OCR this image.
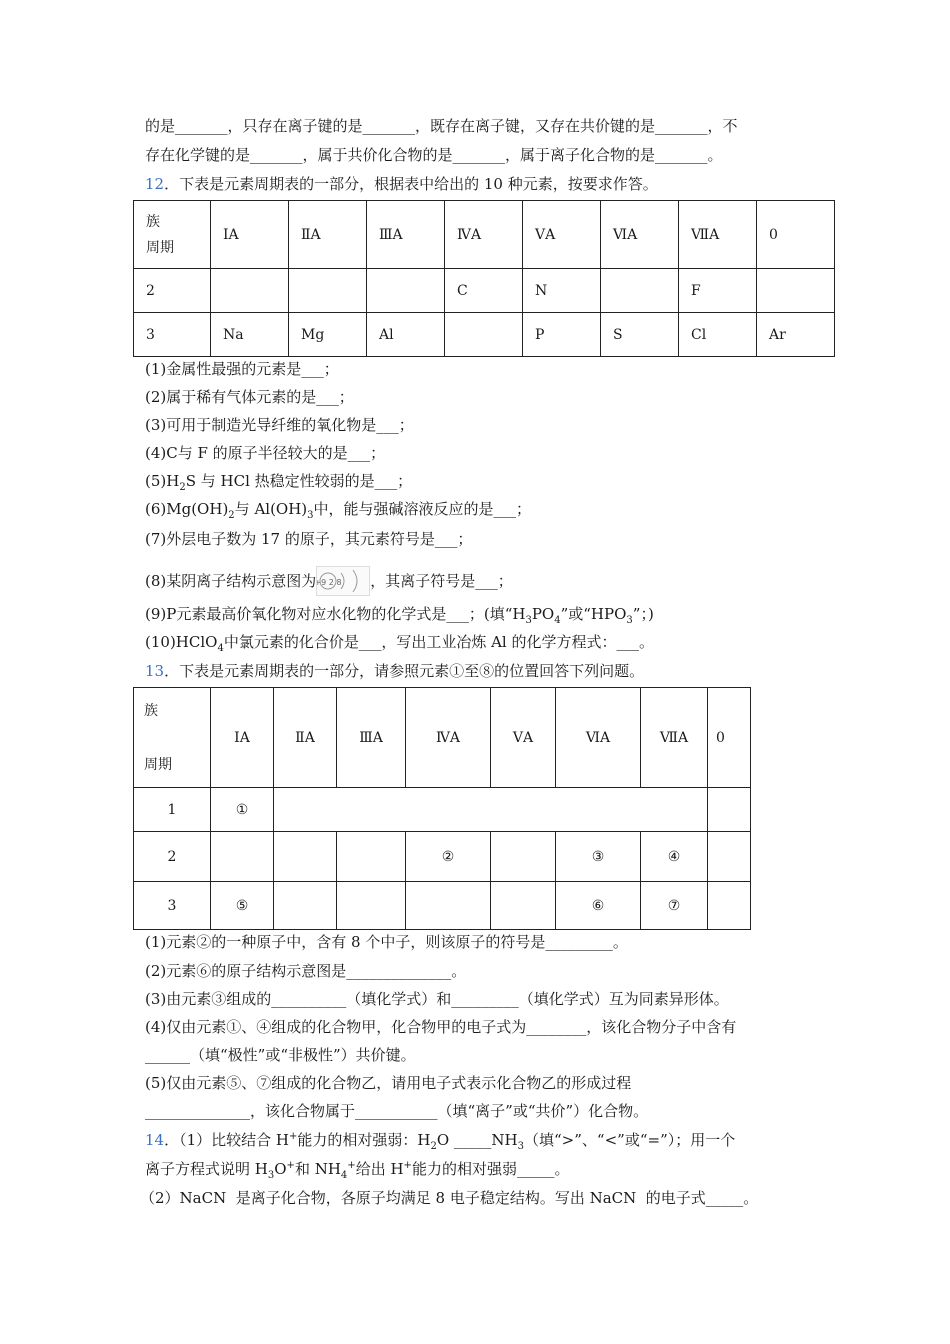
的是_______，只存在离子键的是_______，既存在离子键，又存在共价键的是_______，不
存在化学键的是_______，属于共价化合物的是_______，属于离子化合物的是_______。
12．下表是元素周期表的一部分，根据表中给出的 10 种元素，按要求作答。
族
周期	ⅠA	ⅡA	ⅢA	ⅣA	ⅤA	ⅥA	ⅦA	0
2				C	N		F	
3	Na	Mg	Al		P	S	Cl	Ar
(1)金属性最强的元素是___；
(2)属于稀有气体元素的是___；
(3)可用于制造光导纤维的氧化物是___；
(4)C与 F 的原子半径较大的是___；
$(5)H_2S$ 与 HCl 热稳定性较弱的是___；
$(6)Mg(OH)_2$与 $Al(OH)_3$中，能与强碱溶液反应的是___；
(7)外层电子数为 17 的原子，其元素符号是___；
(8)某阴离子结构示意图为
+9 2 8 ，其离子符号是___；
(9)P元素最高价氧化物对应水化物的化学式是___；(填“$H_3PO_4$”或“$HPO_3$”；)
(10)HClO$_4$中氯元素的化合价是___，写出工业冶炼 Al 的化学方程式：___。
13．下表是元素周期表的一部分，请参照元素①至⑧的位置回答下列问题。
族
周期	ⅠA	ⅡA	ⅢA	ⅣA	ⅤA	ⅥA	ⅦA	0
1	①							
2				②		③	④	
3	⑤					⑥	⑦	
(1)元素②的一种原子中，含有 8 个中子，则该原子的符号是_________。
(2)元素⑥的原子结构示意图是______________。
(3)由元素③组成的__________（填化学式）和_________（填化学式）互为同素异形体。
(4)仅由元素①、④组成的化合物甲，化合物甲的电子式为________，该化合物分子中含有
______（填“极性”或“非极性”）共价键。
(5)仅由元素⑤、⑦组成的化合物乙，请用电子式表示化合物乙的形成过程
______________，该化合物属于___________（填“离子”或“共价”）化合物。
14．（1）比较结合 H+能力的相对强弱：$H_2O$ $\_\_\_\_\_NH_3$（填“>”、“<”或“=”）；用一个
离子方程式说明 $H_3O^+$和 $NH_4^+$给出 H+能力的相对强弱_____。
（2）NaCN  是离子化合物，各原子均满足 8 电子稳定结构。写出 NaCN  的电子式_____。
